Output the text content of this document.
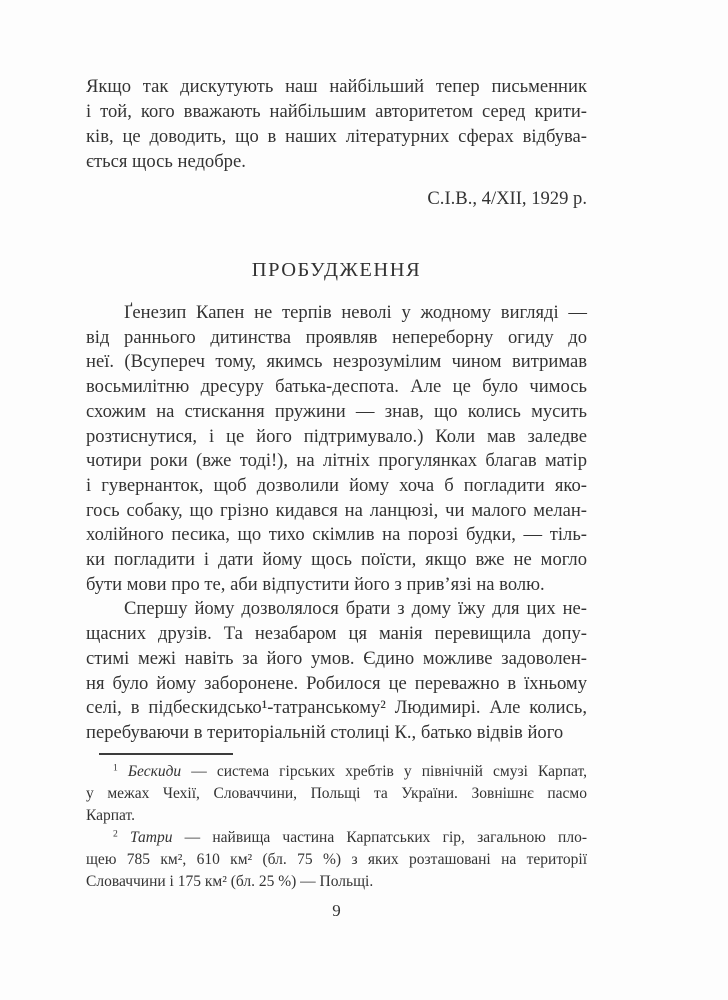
Якщо так дискутують наш найбільший тепер письменник
і той, кого вважають найбільшим авторитетом серед крити-
ків, це доводить, що в наших літературних сферах відбува-
ється щось недобре.
С.І.В., 4/XII, 1929 р.
ПРОБУДЖЕННЯ
Ґенезип Капен не терпів неволі у жодному вигляді —
від раннього дитинства проявляв непереборну огиду до
неї. (Всупереч тому, якимсь незрозумілим чином витримав
восьмилітню дресуру батька-деспота. Але це було чимось
схожим на стискання пружини — знав, що колись мусить
розтиснутися, і це його підтримувало.) Коли мав заледве
чотири роки (вже тоді!), на літніх прогулянках благав матір
і гувернанток, щоб дозволили йому хоча б погладити яко-
гось собаку, що грізно кидався на ланцюзі, чи малого мелан-
холійного песика, що тихо скімлив на порозі будки, — тіль-
ки погладити і дати йому щось поїсти, якщо вже не могло
бути мови про те, аби відпустити його з прив’язі на волю.
Спершу йому дозволялося брати з дому їжу для цих не-
щасних друзів. Та незабаром ця манія перевищила допу-
стимі межі навіть за його умов. Єдино можливе задоволен-
ня було йому заборонене. Робилося це переважно в їхньому
селі, в підбескидсько¹-татранському² Людимирі. Але колись,
перебуваючи в територіальній столиці К., батько відвів його
$^1$ Бескиди — система гірських хребтів у північній смузі Карпат,
у межах Чехії, Словаччини, Польщі та України. Зовнішнє пасмо
Карпат.
$^2$ Татри — найвища частина Карпатських гір, загальною пло-
щею 785 км², 610 км² (бл. 75 %) з яких розташовані на території
Словаччини і 175 км² (бл. 25 %) — Польщі.
9
